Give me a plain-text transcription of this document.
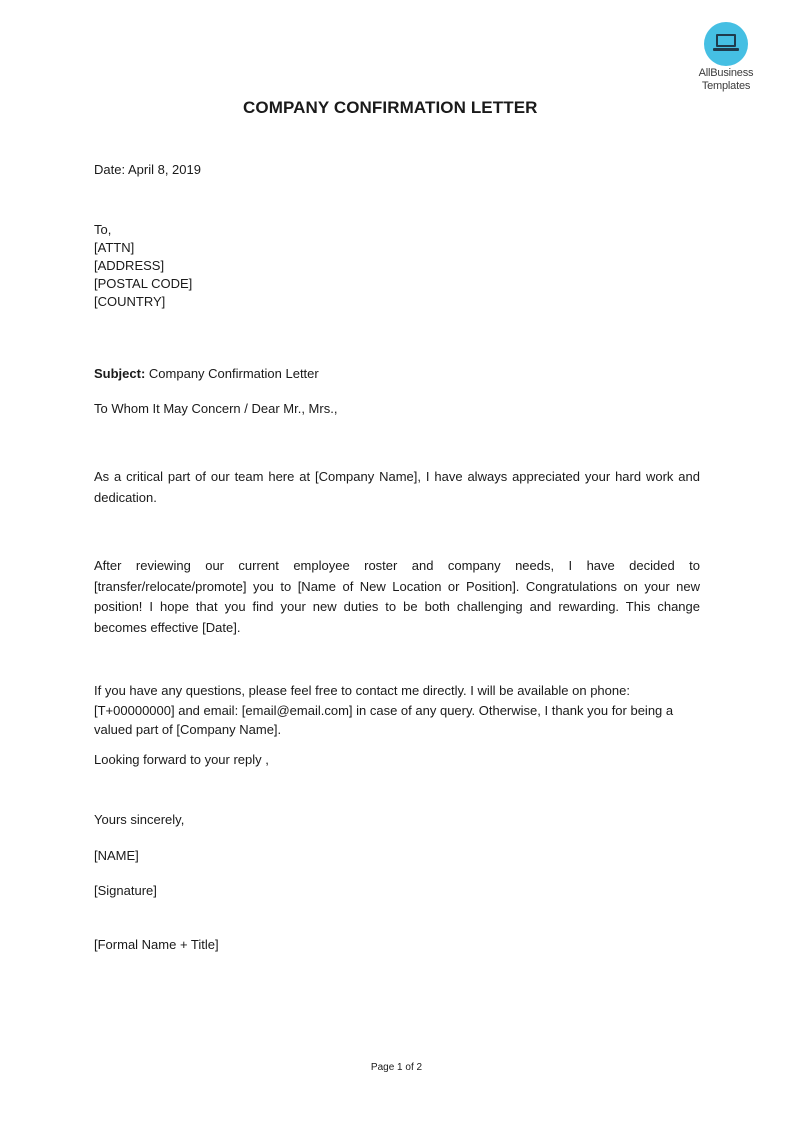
AllBusiness
Templates
COMPANY CONFIRMATION LETTER
Date: April 8, 2019
To,
[ATTN]
[ADDRESS]
[POSTAL CODE]
[COUNTRY]
Subject: Company Confirmation Letter
To Whom It May Concern / Dear Mr., Mrs.,

As a critical part of our team here at [Company Name], I have always appreciated your hard work and dedication.

After reviewing our current employee roster and company needs, I have decided to [transfer/relocate/promote] you to [Name of New Location or Position]. Congratulations on your new position! I hope that you find your new duties to be both challenging and rewarding. This change becomes effective [Date].

If you have any questions, please feel free to contact me directly. I will be available on phone:
[T+00000000] and email: [email@email.com] in case of any query. Otherwise, I thank you for being a
valued part of [Company Name].
Looking forward to your reply ,
Yours sincerely,
[NAME]
[Signature]
[Formal Name + Title]
Page 1 of 2
